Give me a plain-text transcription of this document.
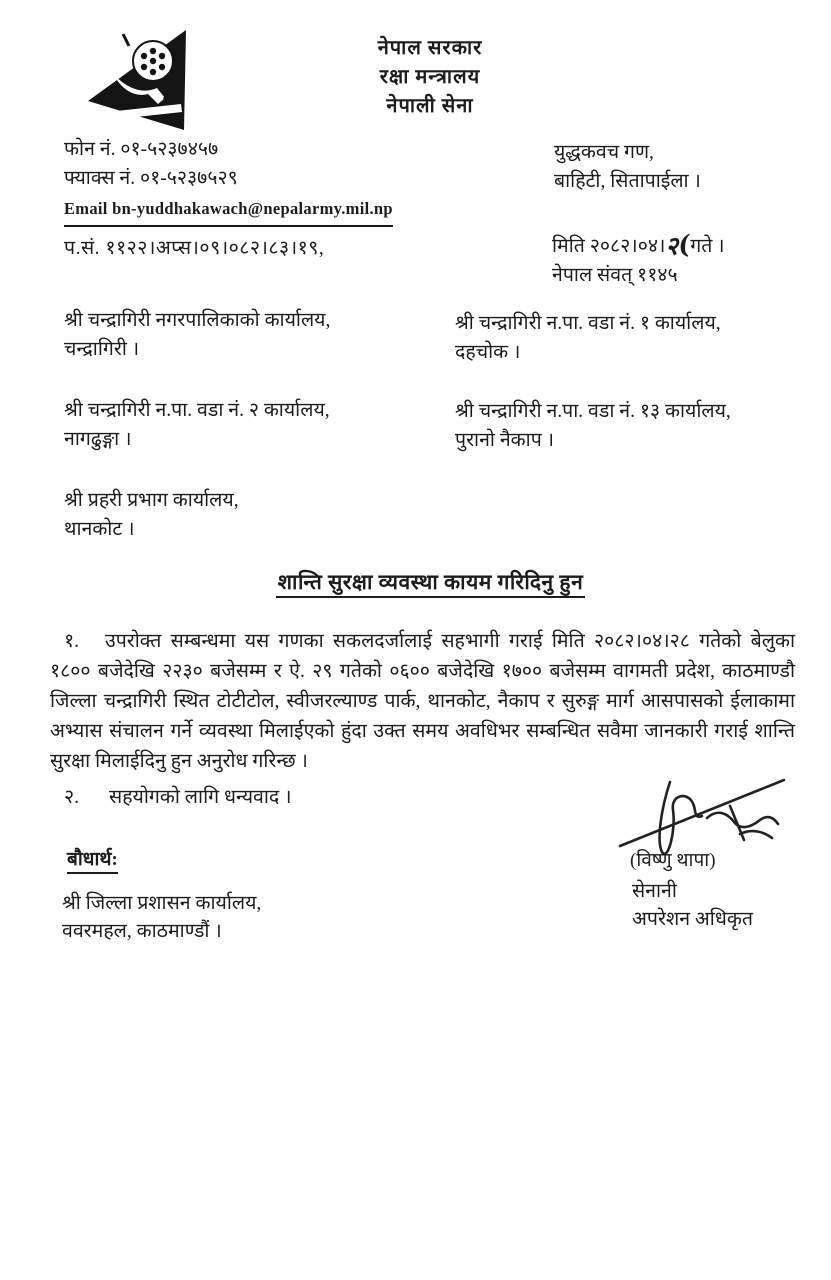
नेपाल सरकार
रक्षा मन्त्रालय
नेपाली सेना
फोन नं. ०१-५२३७४५७
फ्याक्स नं. ०१-५२३७५२९
Email bn-yuddhakawach@nepalarmy.mil.np
युद्धकवच गण,
बाहिटी, सितापाईला ।
प.सं. ११२२।अप्स।०९।०८२।८३।१९,	मिति २०८२।०४।२(गते ।
नेपाल संवत् ११४५
श्री चन्द्रागिरी नगरपालिकाको कार्यालय,
चन्द्रागिरी ।
श्री चन्द्रागिरी न.पा. वडा नं. १ कार्यालय,
दहचोक ।
श्री चन्द्रागिरी न.पा. वडा नं. २ कार्यालय,
नागढुङ्गा ।
श्री चन्द्रागिरी न.पा. वडा नं. १३ कार्यालय,
पुरानो नैकाप ।
श्री प्रहरी प्रभाग कार्यालय,
थानकोट ।
शान्ति सुरक्षा व्यवस्था कायम गरिदिनु हुन
१. उपरोक्त सम्बन्धमा यस गणका सकलदर्जालाई सहभागी गराई मिति २०८२।०४।२८ गतेको बेलुका १८०० बजेदेखि २२३० बजेसम्म र ऐ. २९ गतेको ०६०० बजेदेखि १७०० बजेसम्म वागमती प्रदेश, काठमाण्डौ जिल्ला चन्द्रागिरी स्थित टोटीटोल, स्वीजरल्याण्ड पार्क, थानकोट, नैकाप र सुरुङ्ग मार्ग आसपासको ईलाकामा अभ्यास संचालन गर्ने व्यवस्था मिलाईएको हुंदा उक्त समय अवधिभर सम्बन्धित सवैमा जानकारी गराई शान्ति सुरक्षा मिलाईदिनु हुन अनुरोध गरिन्छ ।
२. सहयोगको लागि धन्यवाद ।
(विष्णु थापा)
सेनानी
अपरेशन अधिकृत
बौधार्थ:
श्री जिल्ला प्रशासन कार्यालय,
ववरमहल, काठमाण्डौं ।
